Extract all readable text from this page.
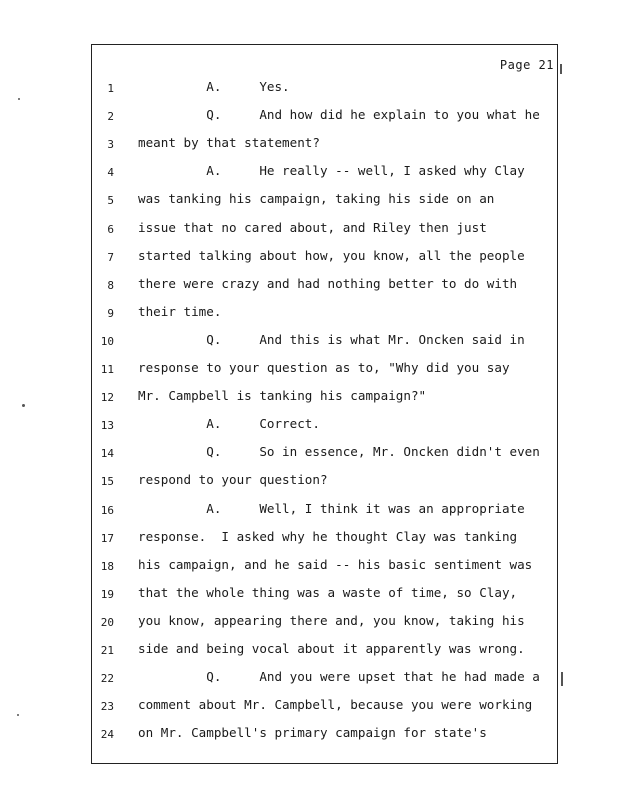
Page 21
1 A.     Yes.
2 Q.     And how did he explain to you what he
3 meant by that statement?
4 A.     He really -- well, I asked why Clay
5 was tanking his campaign, taking his side on an
6 issue that no cared about, and Riley then just
7 started talking about how, you know, all the people
8 there were crazy and had nothing better to do with
9 their time.
10 Q.     And this is what Mr. Oncken said in
11 response to your question as to, "Why did you say
12 Mr. Campbell is tanking his campaign?"
13 A.     Correct.
14 Q.     So in essence, Mr. Oncken didn't even
15 respond to your question?
16 A.     Well, I think it was an appropriate
17 response.  I asked why he thought Clay was tanking
18 his campaign, and he said -- his basic sentiment was
19 that the whole thing was a waste of time, so Clay,
20 you know, appearing there and, you know, taking his
21 side and being vocal about it apparently was wrong.
22 Q.     And you were upset that he had made a
23 comment about Mr. Campbell, because you were working
24 on Mr. Campbell's primary campaign for state's
